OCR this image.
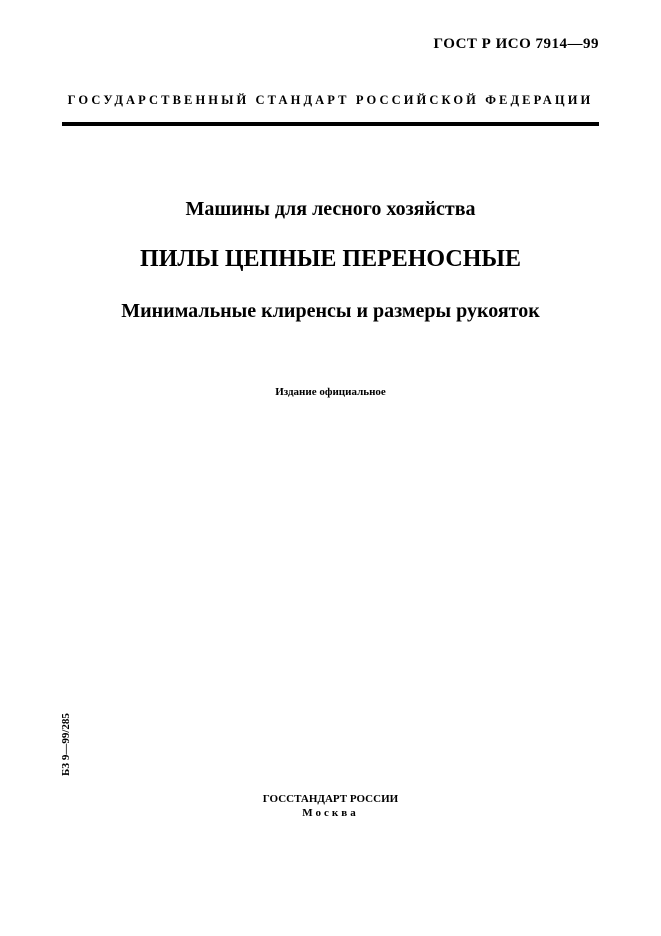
ГОСТ Р ИСО 7914—99
ГОСУДАРСТВЕННЫЙ СТАНДАРТ РОССИЙСКОЙ ФЕДЕРАЦИИ
Машины для лесного хозяйства
ПИЛЫ ЦЕПНЫЕ ПЕРЕНОСНЫЕ
Минимальные клиренсы и размеры рукояток
Издание официальное
БЗ 9—99/285
ГОССТАНДАРТ РОССИИ
Москва
